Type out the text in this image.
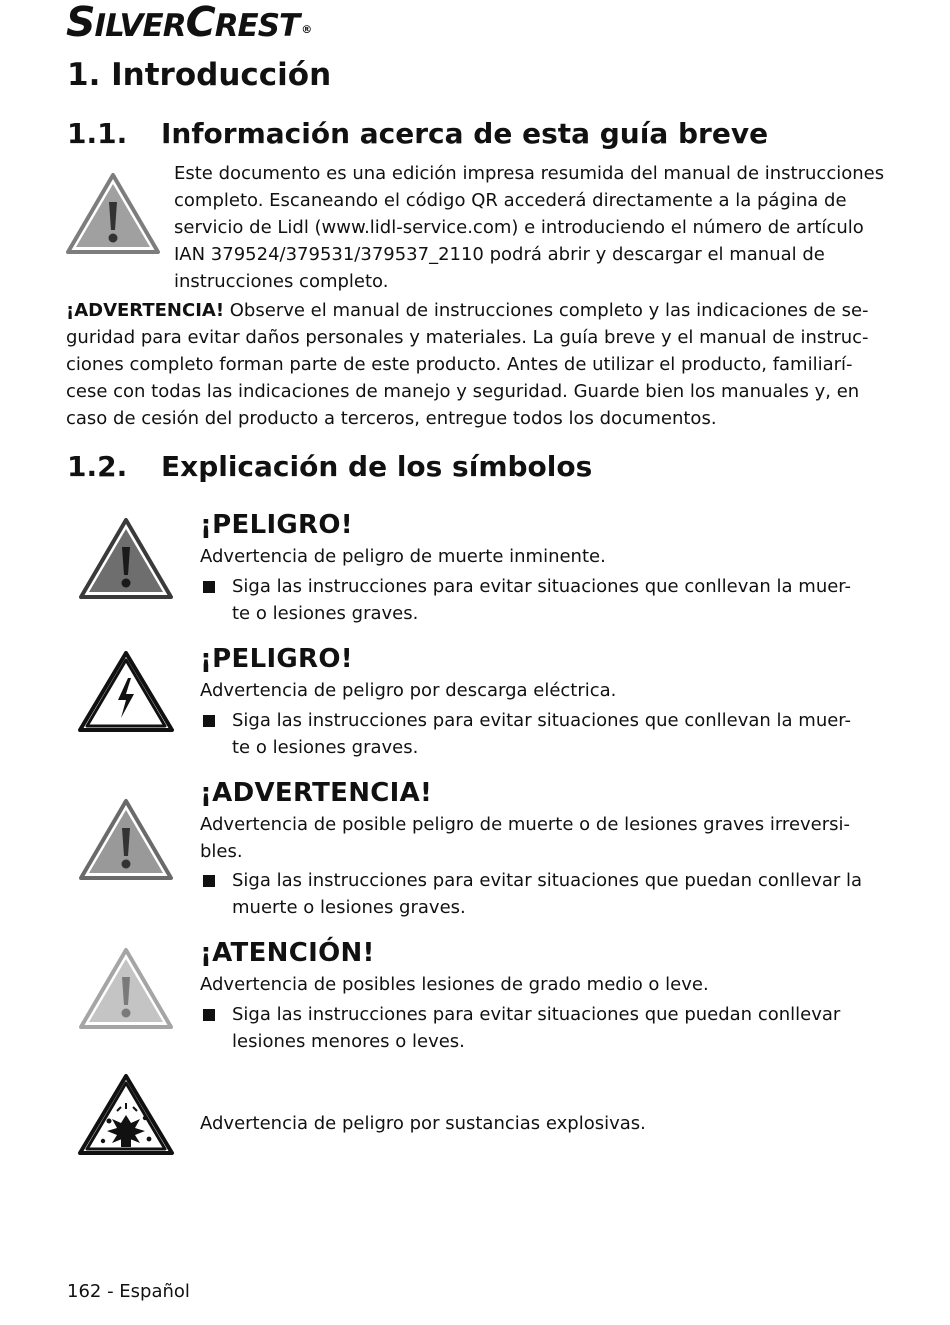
SILVERCREST ®
1. Introducción
1.1. Información acerca de esta guía breve
Este documento es una edición impresa resumida del manual de instrucciones
completo. Escaneando el código QR accederá directamente a la página de
servicio de Lidl (www.lidl-service.com) e introduciendo el número de artículo
IAN 379524/379531/379537_2110 podrá abrir y descargar el manual de
instrucciones completo.
¡ADVERTENCIA! Observe el manual de instrucciones completo y las indicaciones de se-
guridad para evitar daños personales y materiales. La guía breve y el manual de instruc-
ciones completo forman parte de este producto. Antes de utilizar el producto, familiarí-
cese con todas las indicaciones de manejo y seguridad. Guarde bien los manuales y, en
caso de cesión del producto a terceros, entregue todos los documentos.
1.2. Explicación de los símbolos
¡PELIGRO!
Advertencia de peligro de muerte inminente.
Siga las instrucciones para evitar situaciones que conllevan la muer-
te o lesiones graves.
¡PELIGRO!
Advertencia de peligro por descarga eléctrica.
Siga las instrucciones para evitar situaciones que conllevan la muer-
te o lesiones graves.
¡ADVERTENCIA!
Advertencia de posible peligro de muerte o de lesiones graves irreversi-
bles.
Siga las instrucciones para evitar situaciones que puedan conllevar la
muerte o lesiones graves.
¡ATENCIÓN!
Advertencia de posibles lesiones de grado medio o leve.
Siga las instrucciones para evitar situaciones que puedan conllevar
lesiones menores o leves.
Advertencia de peligro por sustancias explosivas.
162 - Español
